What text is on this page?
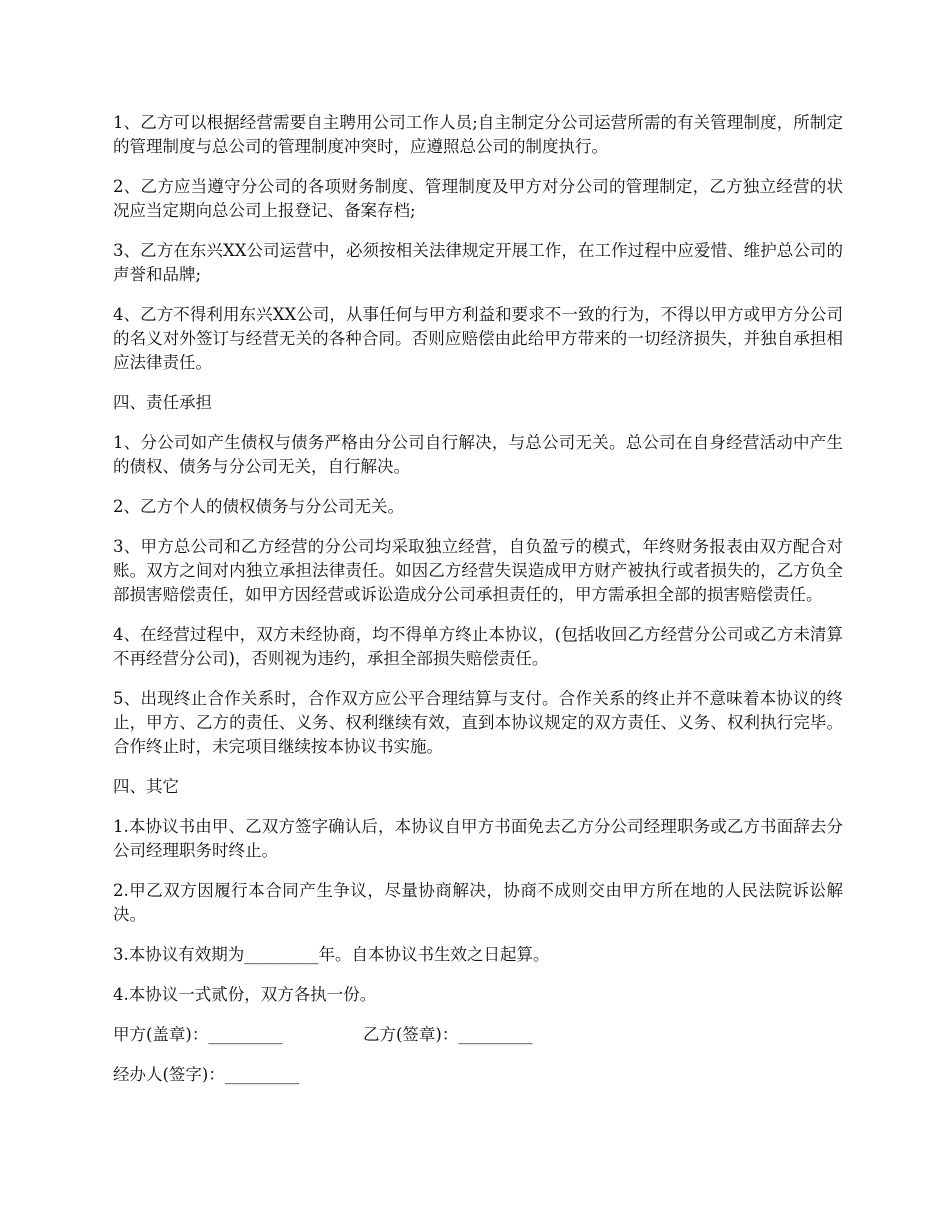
1、乙方可以根据经营需要自主聘用公司工作人员;自主制定分公司运营所需的有关管理制度，所制定的管理制度与总公司的管理制度冲突时，应遵照总公司的制度执行。

2、乙方应当遵守分公司的各项财务制度、管理制度及甲方对分公司的管理制定，乙方独立经营的状况应当定期向总公司上报登记、备案存档;

3、乙方在东兴XX公司运营中，必须按相关法律规定开展工作，在工作过程中应爱惜、维护总公司的声誉和品牌;

4、乙方不得利用东兴XX公司，从事任何与甲方利益和要求不一致的行为，不得以甲方或甲方分公司的名义对外签订与经营无关的各种合同。否则应赔偿由此给甲方带来的一切经济损失，并独自承担相应法律责任。

四、责任承担

1、分公司如产生债权与债务严格由分公司自行解决，与总公司无关。总公司在自身经营活动中产生的债权、债务与分公司无关，自行解决。

2、乙方个人的债权债务与分公司无关。

3、甲方总公司和乙方经营的分公司均采取独立经营，自负盈亏的模式，年终财务报表由双方配合对账。双方之间对内独立承担法律责任。如因乙方经营失误造成甲方财产被执行或者损失的，乙方负全部损害赔偿责任，如甲方因经营或诉讼造成分公司承担责任的，甲方需承担全部的损害赔偿责任。

4、在经营过程中，双方未经协商，均不得单方终止本协议，(包括收回乙方经营分公司或乙方未清算不再经营分公司)，否则视为违约，承担全部损失赔偿责任。

5、出现终止合作关系时，合作双方应公平合理结算与支付。合作关系的终止并不意味着本协议的终止，甲方、乙方的责任、义务、权利继续有效，直到本协议规定的双方责任、义务、权利执行完毕。合作终止时，未完项目继续按本协议书实施。

四、其它

1.本协议书由甲、乙双方签字确认后，本协议自甲方书面免去乙方分公司经理职务或乙方书面辞去分公司经理职务时终止。

2.甲乙双方因履行本合同产生争议，尽量协商解决，协商不成则交由甲方所在地的人民法院诉讼解决。

3.本协议有效期为_________年。自本协议书生效之日起算。

4.本协议一式贰份，双方各执一份。

甲方(盖章)：_________	乙方(签章)：_________
经办人(签字)：_________
